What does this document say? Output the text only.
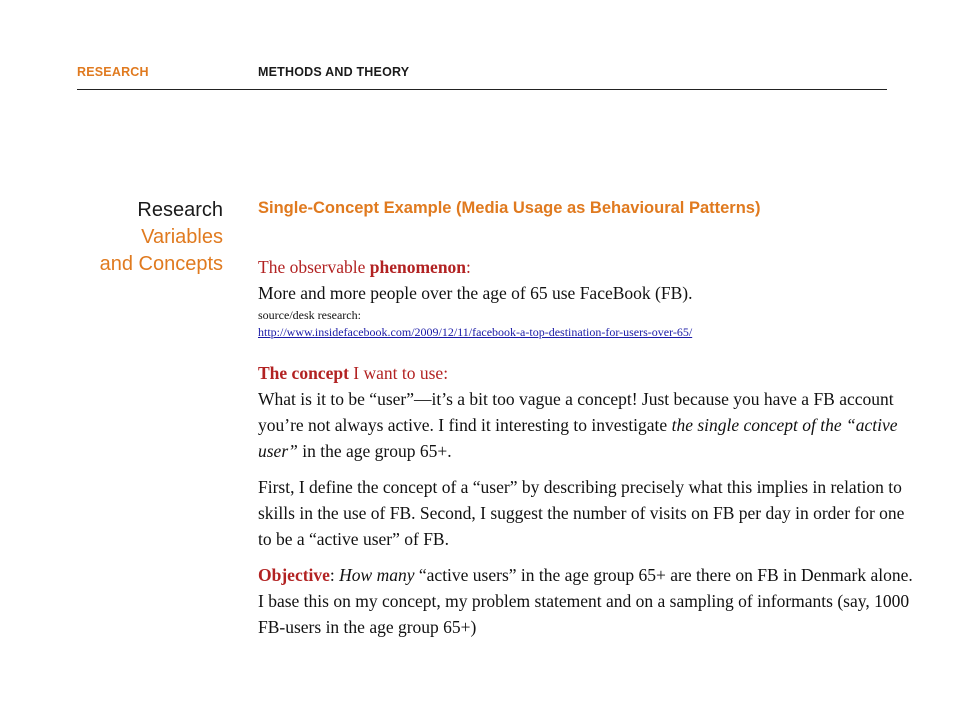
RESEARCH	METHODS AND THEORY
Research
Variables
and Concepts

Single-Concept Example (Media Usage as Behavioural Patterns)

The observable phenomenon:

More and more people over the age of 65 use FaceBook (FB).

source/desk research:

http://www.insidefacebook.com/2009/12/11/facebook-a-top-destination-for-users-over-65/

The concept I want to use:

What is it to be “user”—it’s a bit too vague a concept! Just because you have a FB account you’re not always active. I find it interesting to investigate the single concept of the “active user” in the age group 65+.

First, I define the concept of a “user” by describing precisely what this implies in relation to skills in the use of FB. Second, I suggest the number of visits on FB per day in order for one to be a “active user” of FB.

Objective: How many “active users” in the age group 65+ are there on FB in Denmark alone. I base this on my concept, my problem statement and on a sampling of informants (say, 1000 FB-users in the age group 65+)
